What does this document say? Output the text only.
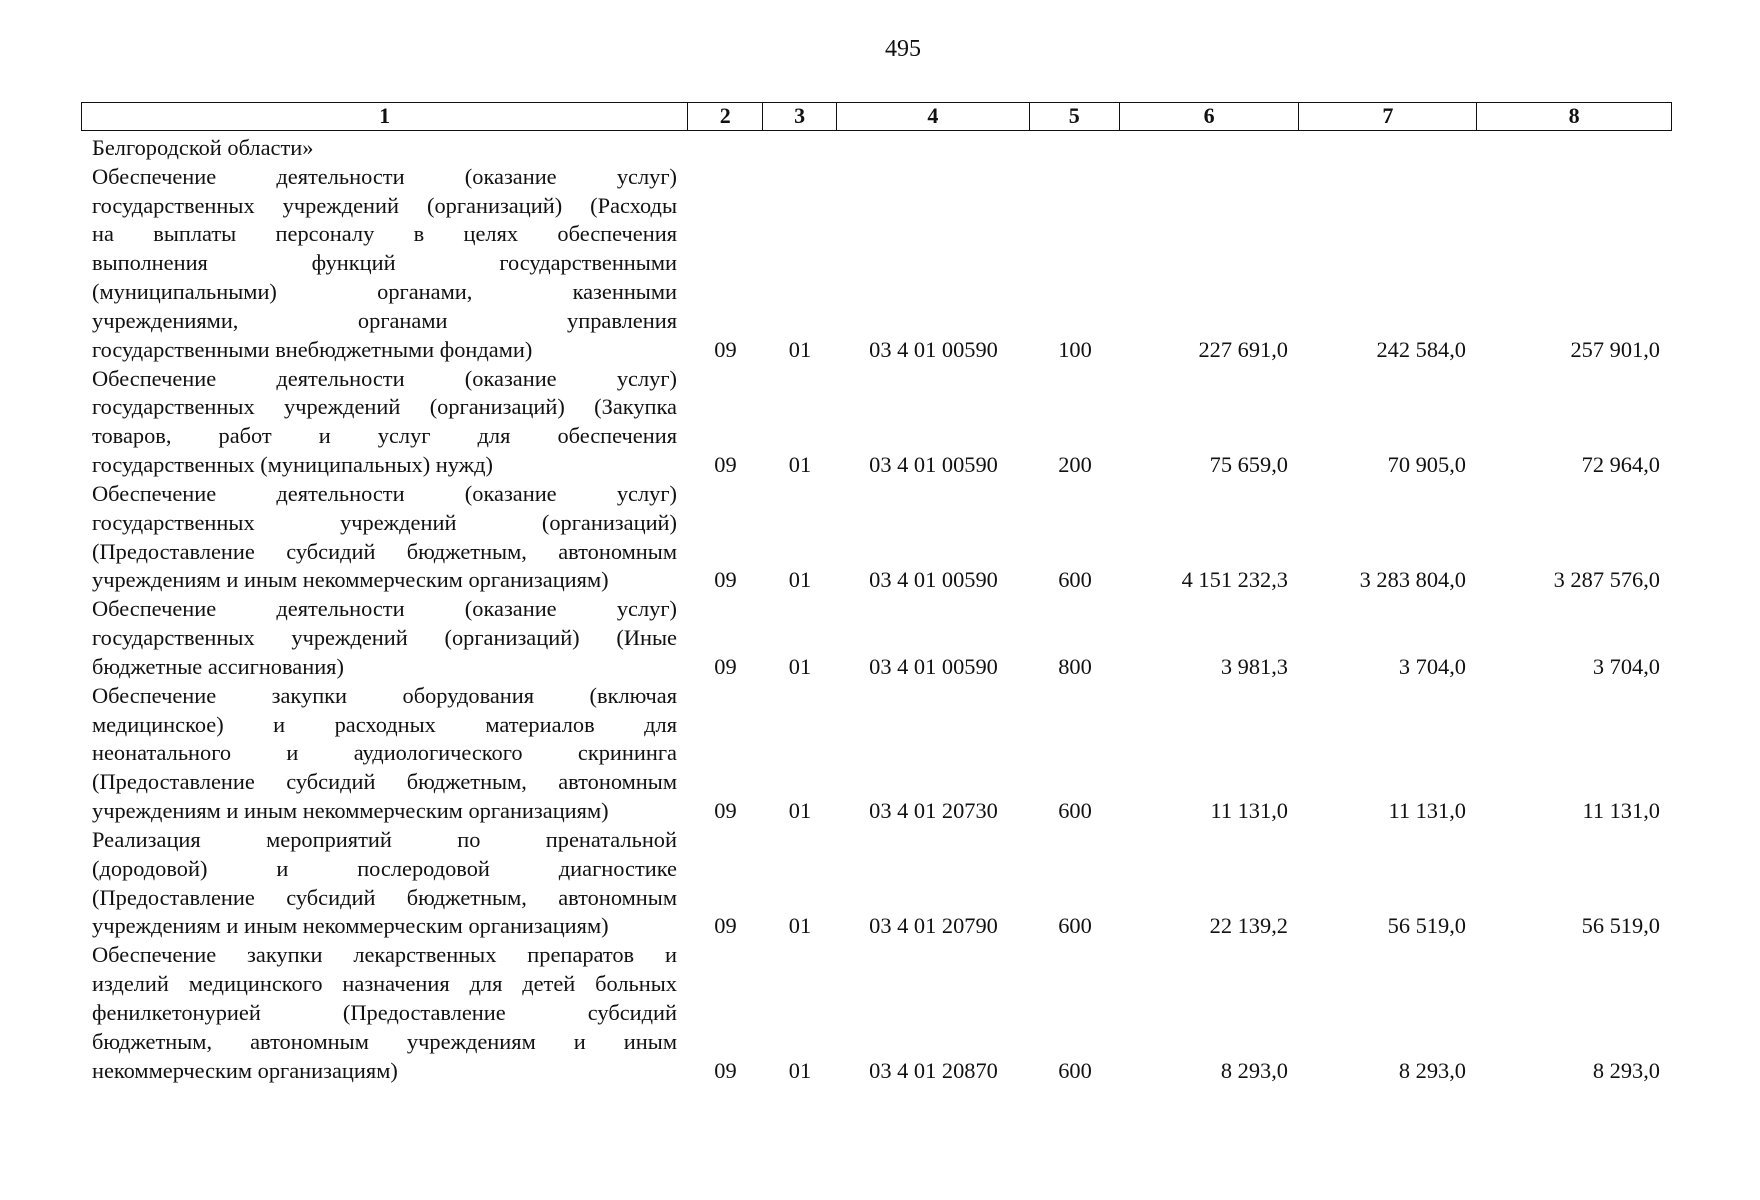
495
1	2	3	4	5	6	7	8
Белгородской области»
Обеспечение деятельности (оказание услуг)
государственных учреждений (организаций) (Расходы
на выплаты персоналу в целях обеспечения
выполнения функций государственными
(муниципальными) органами, казенными
учреждениями, органами управления
государственными внебюджетными фондами)	09	01	03 4 01 00590	100	227 691,0	242 584,0	257 901,0
Обеспечение деятельности (оказание услуг)
государственных учреждений (организаций) (Закупка
товаров, работ и услуг для обеспечения
государственных (муниципальных) нужд)	09	01	03 4 01 00590	200	75 659,0	70 905,0	72 964,0
Обеспечение деятельности (оказание услуг)
государственных учреждений (организаций)
(Предоставление субсидий бюджетным, автономным
учреждениям и иным некоммерческим организациям)	09	01	03 4 01 00590	600	4 151 232,3	3 283 804,0	3 287 576,0
Обеспечение деятельности (оказание услуг)
государственных учреждений (организаций) (Иные
бюджетные ассигнования)	09	01	03 4 01 00590	800	3 981,3	3 704,0	3 704,0
Обеспечение закупки оборудования (включая
медицинское) и расходных материалов для
неонатального и аудиологического скрининга
(Предоставление субсидий бюджетным, автономным
учреждениям и иным некоммерческим организациям)	09	01	03 4 01 20730	600	11 131,0	11 131,0	11 131,0
Реализация мероприятий по пренатальной
(дородовой) и послеродовой диагностике
(Предоставление субсидий бюджетным, автономным
учреждениям и иным некоммерческим организациям)	09	01	03 4 01 20790	600	22 139,2	56 519,0	56 519,0
Обеспечение закупки лекарственных препаратов и
изделий медицинского назначения для детей больных
фенилкетонурией (Предоставление субсидий
бюджетным, автономным учреждениям и иным
некоммерческим организациям)	09	01	03 4 01 20870	600	8 293,0	8 293,0	8 293,0
